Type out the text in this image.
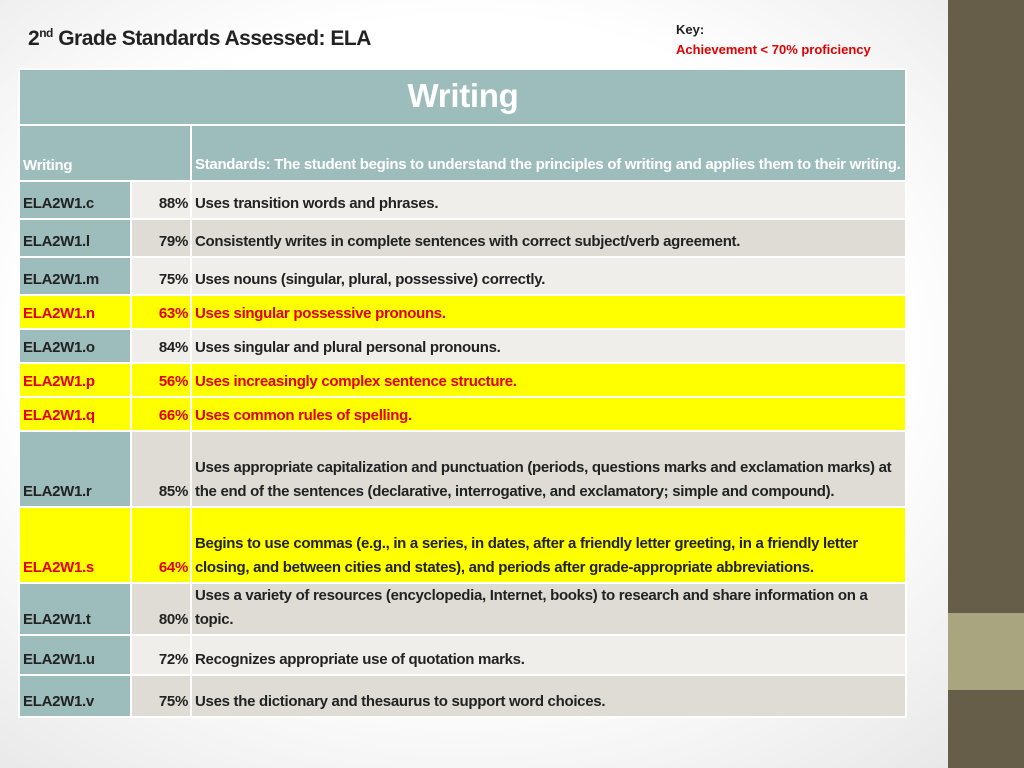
2nd Grade Standards Assessed: ELA	Key:
Achievement < 70% proficiency
Writing		
Writing		Standards: The student begins to understand the principles of writing and applies them to their writing.
ELA2W1.c	88%	Uses transition words and phrases.
ELA2W1.l	79%	Consistently writes in complete sentences with correct subject/verb agreement.
ELA2W1.m	75%	Uses nouns (singular, plural, possessive) correctly.
ELA2W1.n	63%	Uses singular possessive pronouns.
ELA2W1.o	84%	Uses singular and plural personal pronouns.
ELA2W1.p	56%	Uses increasingly complex sentence structure.
ELA2W1.q	66%	Uses common rules of spelling.
ELA2W1.r	85%	Uses appropriate capitalization and punctuation (periods, questions marks and exclamation marks) at the end of the sentences (declarative, interrogative, and exclamatory; simple and compound).
ELA2W1.s	64%	Begins to use commas (e.g., in a series, in dates, after a friendly letter greeting, in a friendly letter closing, and between cities and states), and periods after grade-appropriate abbreviations.
ELA2W1.t	80%	Uses a variety of resources (encyclopedia, Internet, books) to research and share information on a topic.
ELA2W1.u	72%	Recognizes appropriate use of quotation marks.
ELA2W1.v	75%	Uses the dictionary and thesaurus to support word choices.
